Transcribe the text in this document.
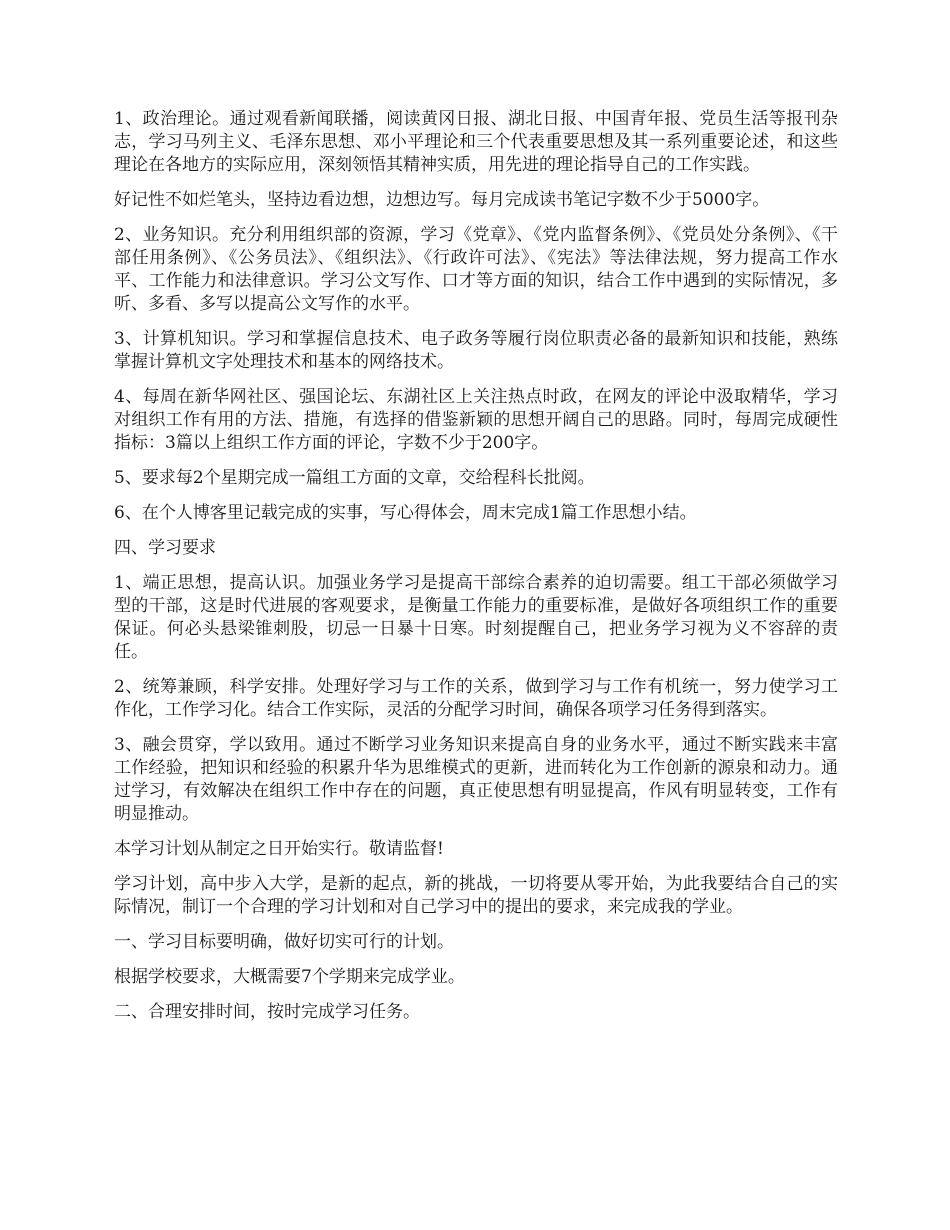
1、政治理论。通过观看新闻联播，阅读黄冈日报、湖北日报、中国青年报、党员生活等报刊杂志，学习马列主义、毛泽东思想、邓小平理论和三个代表重要思想及其一系列重要论述，和这些理论在各地方的实际应用，深刻领悟其精神实质，用先进的理论指导自己的工作实践。

好记性不如烂笔头，坚持边看边想，边想边写。每月完成读书笔记字数不少于5000字。

2、业务知识。充分利用组织部的资源，学习《党章》、《党内监督条例》、《党员处分条例》、《干部任用条例》、《公务员法》、《组织法》、《行政许可法》、《宪法》等法律法规，努力提高工作水平、工作能力和法律意识。学习公文写作、口才等方面的知识，结合工作中遇到的实际情况，多听、多看、多写以提高公文写作的水平。

3、计算机知识。学习和掌握信息技术、电子政务等履行岗位职责必备的最新知识和技能，熟练掌握计算机文字处理技术和基本的网络技术。

4、每周在新华网社区、强国论坛、东湖社区上关注热点时政，在网友的评论中汲取精华，学习对组织工作有用的方法、措施，有选择的借鉴新颖的思想开阔自己的思路。同时，每周完成硬性指标：3篇以上组织工作方面的评论，字数不少于200字。

5、要求每2个星期完成一篇组工方面的文章，交给程科长批阅。

6、在个人博客里记载完成的实事，写心得体会，周末完成1篇工作思想小结。

四、学习要求

1、端正思想，提高认识。加强业务学习是提高干部综合素养的迫切需要。组工干部必须做学习型的干部，这是时代进展的客观要求，是衡量工作能力的重要标准，是做好各项组织工作的重要保证。何必头悬梁锥刺股，切忌一日暴十日寒。时刻提醒自己，把业务学习视为义不容辞的责任。

2、统筹兼顾，科学安排。处理好学习与工作的关系，做到学习与工作有机统一，努力使学习工作化，工作学习化。结合工作实际，灵活的分配学习时间，确保各项学习任务得到落实。

3、融会贯穿，学以致用。通过不断学习业务知识来提高自身的业务水平，通过不断实践来丰富工作经验，把知识和经验的积累升华为思维模式的更新，进而转化为工作创新的源泉和动力。通过学习，有效解决在组织工作中存在的问题，真正使思想有明显提高，作风有明显转变，工作有明显推动。

本学习计划从制定之日开始实行。敬请监督!

学习计划，高中步入大学，是新的起点，新的挑战，一切将要从零开始，为此我要结合自己的实际情况，制订一个合理的学习计划和对自己学习中的提出的要求，来完成我的学业。

一、学习目标要明确，做好切实可行的计划。

根据学校要求，大概需要7个学期来完成学业。

二、合理安排时间，按时完成学习任务。
